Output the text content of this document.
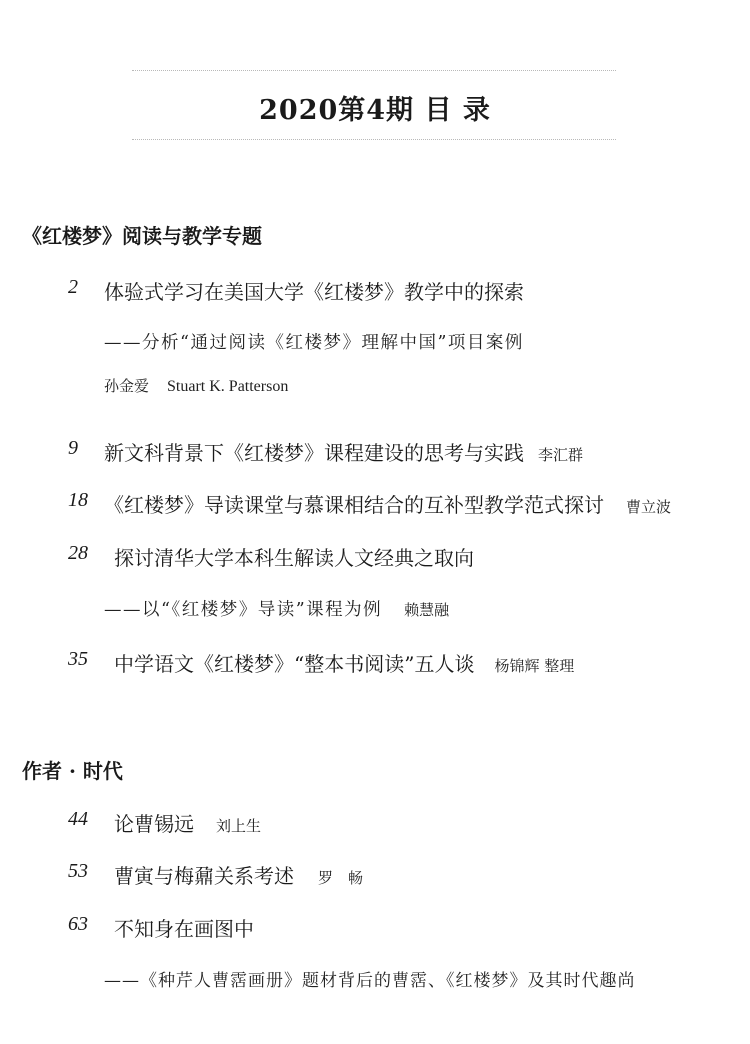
2020第4期 目 录
《红楼梦》阅读与教学专题
2 体验式学习在美国大学《红楼梦》教学中的探索
——分析“通过阅读《红楼梦》理解中国”项目案例
孙金爱 Stuart K. Patterson
9 新文科背景下《红楼梦》课程建设的思考与实践 李汇群
18 《红楼梦》导读课堂与慕课相结合的互补型教学范式探讨 曹立波
28 探讨清华大学本科生解读人文经典之取向
——以“《红楼梦》导读”课程为例 赖慧融
35 中学语文《红楼梦》“整本书阅读”五人谈 杨锦辉 整理
作者 · 时代
44 论曹锡远 刘上生
53 曹寅与梅鼐关系考述 罗　畅
63 不知身在画图中
——《种芹人曹霑画册》题材背后的曹霑、《红楼梦》及其时代趣尚
